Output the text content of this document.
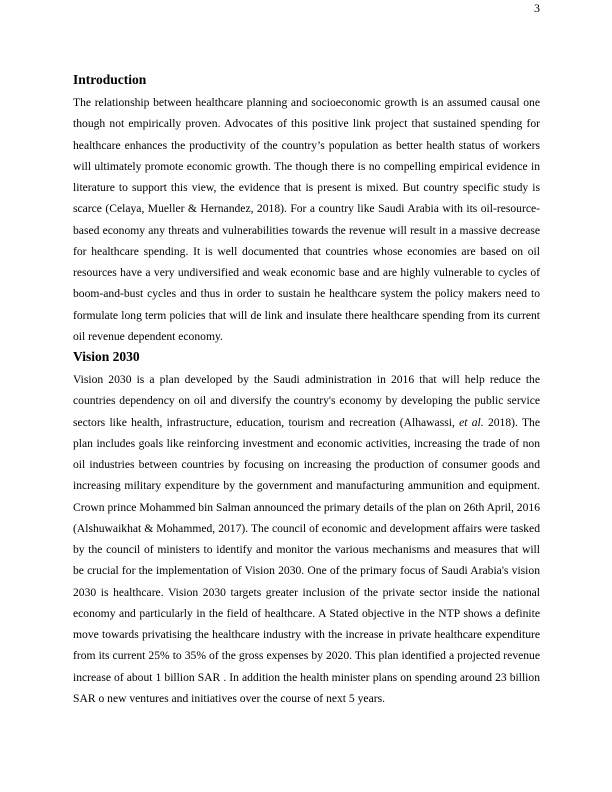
3
Introduction

The relationship between healthcare planning and socioeconomic growth is an assumed causal one though not empirically proven. Advocates of this positive link project that sustained spending for healthcare enhances the productivity of the country’s population as better health status of workers will ultimately promote economic growth. The though there is no compelling empirical evidence in literature to support this view, the evidence that is present is mixed. But country specific study is scarce (Celaya, Mueller & Hernandez, 2018). For a country like Saudi Arabia with its oil-resource-based economy any threats and vulnerabilities towards the revenue will result in a massive decrease for healthcare spending. It is well documented that countries whose economies are based on oil resources have a very undiversified and weak economic base and are highly vulnerable to cycles of boom-and-bust cycles and thus in order to sustain he healthcare system the policy makers need to formulate long term policies that will de link and insulate there healthcare spending from its current oil revenue dependent economy.

Vision 2030

Vision 2030 is a plan developed by the Saudi administration in 2016 that will help reduce the countries dependency on oil and diversify the country's economy by developing the public service sectors like health, infrastructure, education, tourism and recreation (Alhawassi, et al. 2018). The plan includes goals like reinforcing investment and economic activities, increasing the trade of non oil industries between countries by focusing on increasing the production of consumer goods and increasing military expenditure by the government and manufacturing ammunition and equipment. Crown prince Mohammed bin Salman announced the primary details of the plan on 26th April, 2016 (Alshuwaikhat & Mohammed, 2017). The council of economic and development affairs were tasked by the council of ministers to identify and monitor the various mechanisms and measures that will be crucial for the implementation of Vision 2030. One of the primary focus of Saudi Arabia's vision 2030 is healthcare. Vision 2030 targets greater inclusion of the private sector inside the national economy and particularly in the field of healthcare. A Stated objective in the NTP shows a definite move towards privatising the healthcare industry with the increase in private healthcare expenditure from its current 25% to 35% of the gross expenses by 2020. This plan identified a projected revenue increase of about 1 billion SAR . In addition the health minister plans on spending around 23 billion SAR o new ventures and initiatives over the course of next 5 years.
